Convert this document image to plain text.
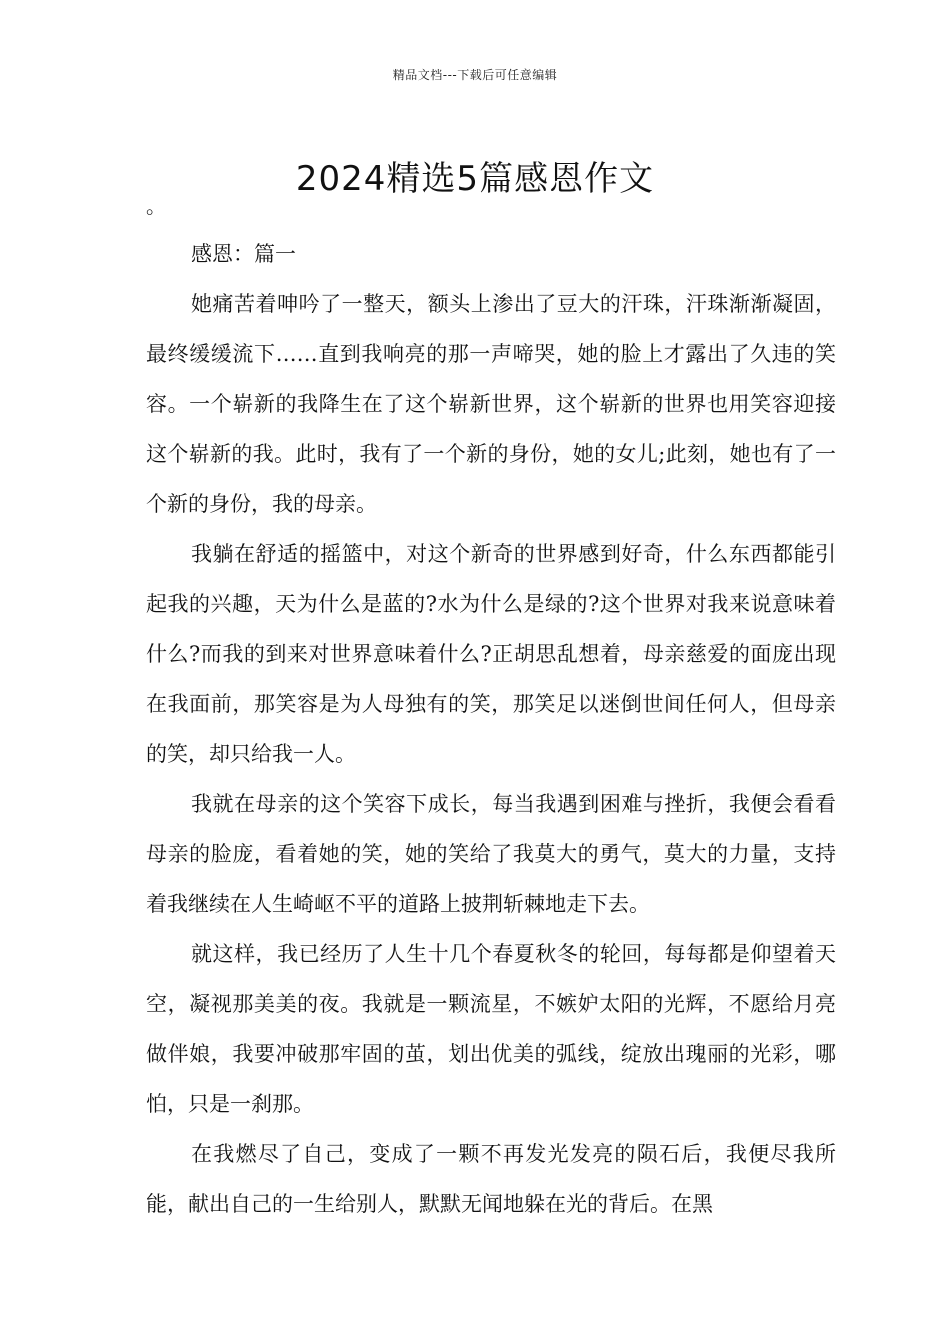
精品文档---下载后可任意编辑
2024精选5篇感恩作文
。

感恩：篇一

她痛苦着呻吟了一整天，额头上渗出了豆大的汗珠，汗珠渐渐凝固，最终缓缓流下……直到我响亮的那一声啼哭，她的脸上才露出了久违的笑容。一个崭新的我降生在了这个崭新世界，这个崭新的世界也用笑容迎接这个崭新的我。此时，我有了一个新的身份，她的女儿;此刻，她也有了一个新的身份，我的母亲。

我躺在舒适的摇篮中，对这个新奇的世界感到好奇，什么东西都能引起我的兴趣，天为什么是蓝的?水为什么是绿的?这个世界对我来说意味着什么?而我的到来对世界意味着什么?正胡思乱想着，母亲慈爱的面庞出现在我面前，那笑容是为人母独有的笑，那笑足以迷倒世间任何人，但母亲的笑，却只给我一人。

我就在母亲的这个笑容下成长，每当我遇到困难与挫折，我便会看看母亲的脸庞，看着她的笑，她的笑给了我莫大的勇气，莫大的力量，支持着我继续在人生崎岖不平的道路上披荆斩棘地走下去。

就这样，我已经历了人生十几个春夏秋冬的轮回，每每都是仰望着天空，凝视那美美的夜。我就是一颗流星，不嫉妒太阳的光辉，不愿给月亮做伴娘，我要冲破那牢固的茧，划出优美的弧线，绽放出瑰丽的光彩，哪怕，只是一刹那。

在我燃尽了自己，变成了一颗不再发光发亮的陨石后，我便尽我所能，献出自己的一生给别人，默默无闻地躲在光的背后。在黑
